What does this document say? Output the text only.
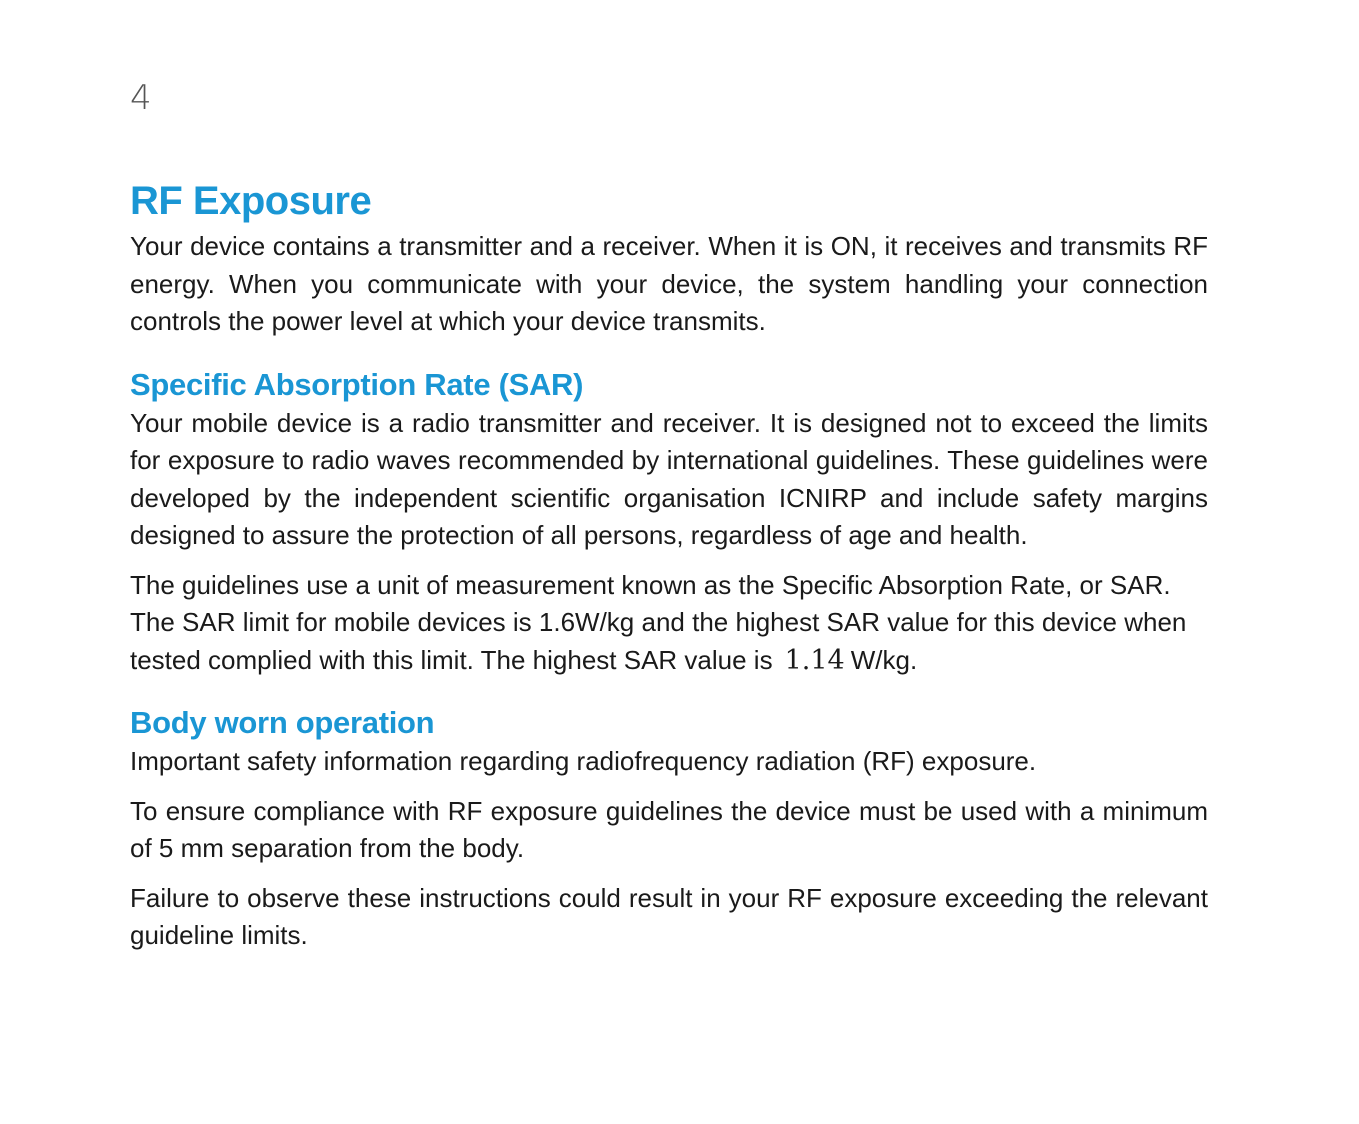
4
RF Exposure

Your device contains a transmitter and a receiver. When it is ON, it receives and transmits RF energy. When you communicate with your device, the system handling your connection controls the power level at which your device transmits.

Specific Absorption Rate (SAR)

Your mobile device is a radio transmitter and receiver. It is designed not to exceed the limits for exposure to radio waves recommended by international guidelines. These guidelines were developed by the independent scientific organisation ICNIRP and include safety margins designed to assure the protection of all persons, regardless of age and health.

The guidelines use a unit of measurement known as the Specific Absorption Rate, or SAR. The SAR limit for mobile devices is 1.6W/kg and the highest SAR value for this device when tested complied with this limit. The highest SAR value is 1.14 W/kg.

Body worn operation

Important safety information regarding radiofrequency radiation (RF) exposure.

To ensure compliance with RF exposure guidelines the device must be used with a minimum of 5 mm separation from the body.

Failure to observe these instructions could result in your RF exposure exceeding the relevant guideline limits.
